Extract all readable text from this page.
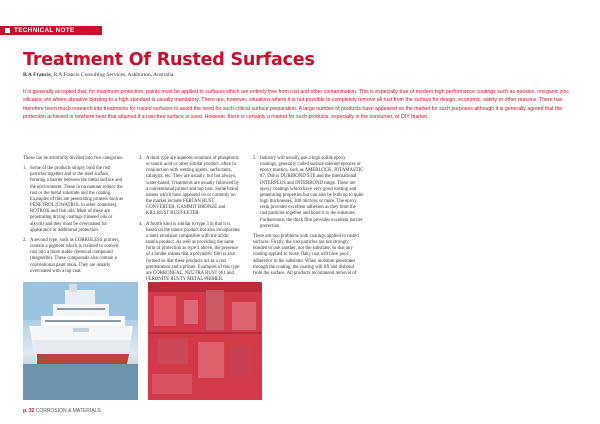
TECHNICAL NOTE
Treatment Of Rusted Surfaces
R A Francis, R A Francis Consulting Services, Ashburton, Australia.

It is generally accepted that, for maximum protection, paints must be applied to surfaces which are entirely free from rust and other contamination. This is especially true of modern high performance coatings such as epoxies, inorganic zinc silicates, etc where abrasive blasting to a high standard is usually mandatory. There are, however, situations where it is not possible to completely remove all rust from the surface for design, economic, safety or other reasons. There has therefore been much research into treatments for rusted surfaces to avoid the need for such critical surface preparation. A large number of products have appeared on the market for such purposes although it is generally agreed that the protection achieved is nowhere near that attained if a rust-free surface is used. However, there is certainly a market for such products, especially in the consumer, or DIY market.

These can be arbitrarily divided into five categories:

1. Some of the products simply bind the rust particles together and to the steel surface, forming a barrier between the metal surface and the environment. These in no manner reduce the rust or the metal substrate and the coating. Examples of this are penetrating primers such as PENETROL (OWATROL in other countries), ROTROK and fish oils. Most of these are penetrating drying coatings (linseed oils or alkyds) and they must be overcoated for appearance or additional protection.
2. A second type, such as CORROLESS primers, contain a pigment which is claimed to convert rust into a more stable chemical compound (magnetite). These compounds also contain a conventional paint resin. They are usually overcoated with a top coat.
3. A third type are aqueous solutions of phosphoric or tannic acid or other similar product, often in conjunction with wetting agents, surfactants, catalysts, etc. They are usually, but not always, water-based. Treatments are usually followed by a conventional primer and top coat. Some brand names which have appeared on or currently on the market include FERTAN RUST CONVERTER, GAMMIT BRONZE and KILLRUST RUST-EETER.
4. A fourth kind is similar to type 3 in that it is based on the tannic product but also incorporates a latex emulsion compatible with the acidic tannin product. As well as providing the same form of protection as type 3 above, the presence of a binder means that a polymeric film is also formed so that these products act as a rust pretreatment and a primer. Examples of this type are CORRONEAL, NEUTRA RUST 661 and FERONITE RUSTY METAL PRIMER.
5. Industry will usually use a high solids epoxy coatings, generally called surface tolerant epoxies or epoxy mastics, such as AMERLOCK, JOTAMASTIC 87, Dulux DURIBOND STE and the International INTERPLUS and INTERBOND range. These are epoxy coatings which have very good wetting and penetrating properties but can also be built up to quite high thicknesses, 300 microns or more. The epoxy resin provides excellent adhesion as they limit the rust particles together and bond it to the substrate. Furthermore, the thick film provides excellent barrier protection.

There are two problems with coatings applied to rusted surfaces. Firstly, the rust particles are not strongly bonded to one another, nor the substrate, so that any coating applied to loose, flaky rust will have poor adherence to the substrate. When moisture penetrates through the coating, the coating will lift and disbond from the surface. All products recommend removal of

p. 32 CORROSION & MATERIALS
